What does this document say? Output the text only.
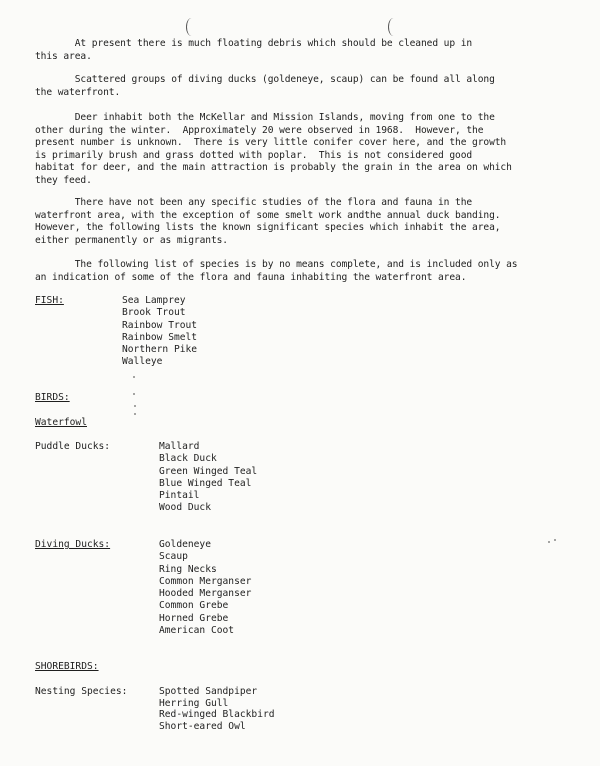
At present there is much floating debris which should be cleaned up in
this area.
Scattered groups of diving ducks (goldeneye, scaup) can be found all along
the waterfront.
Deer inhabit both the McKellar and Mission Islands, moving from one to the
other during the winter.  Approximately 20 were observed in 1968.  However, the
present number is unknown.  There is very little conifer cover here, and the growth
is primarily brush and grass dotted with poplar.  This is not considered good
habitat for deer, and the main attraction is probably the grain in the area on which
they feed.
There have not been any specific studies of the flora and fauna in the
waterfront area, with the exception of some smelt work andthe annual duck banding.
However, the following lists the known significant species which inhabit the area,
either permanently or as migrants.
The following list of species is by no means complete, and is included only as
an indication of some of the flora and fauna inhabiting the waterfront area.
FISH:	Sea Lamprey
Brook Trout
Rainbow Trout
Rainbow Smelt
Northern Pike
Walleye
BIRDS:
Waterfowl
Puddle Ducks:	Mallard
Black Duck
Green Winged Teal
Blue Winged Teal
Pintail
Wood Duck
Diving Ducks:	Goldeneye
Scaup
Ring Necks
Common Merganser
Hooded Merganser
Common Grebe
Horned Grebe
American Coot
SHOREBIRDS:
Nesting Species:	Spotted Sandpiper
Herring Gull
Red-winged Blackbird
Short-eared Owl
